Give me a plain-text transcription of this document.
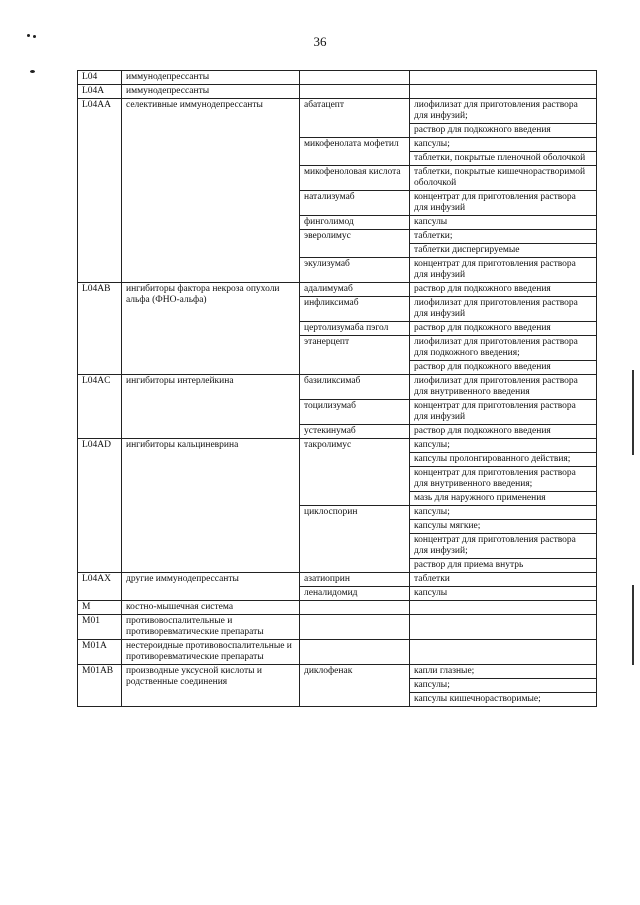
36
L04	иммунодепрессанты		

L04A	иммунодепрессанты		

L04AA	селективные иммунодепрессанты	абатацепт	лиофилизат для приготовления раствора для инфузий;
раствор для подкожного введения

		микофенолата мофетил	капсулы;
таблетки, покрытые пленочной оболочкой

		микофеноловая кислота	таблетки, покрытые кишечнорастворимой оболочкой

		натализумаб	концентрат для приготовления раствора для инфузий

		финголимод	капсулы

		эверолимус	таблетки;
таблетки диспергируемые

		экулизумаб	концентрат для приготовления раствора для инфузий

L04AB	ингибиторы фактора некроза опухоли альфа (ФНО-альфа)	адалимумаб	раствор для подкожного введения

		инфликсимаб	лиофилизат для приготовления раствора для инфузий

		цертолизумаба пэгол	раствор для подкожного введения

		этанерцепт	лиофилизат для приготовления раствора для подкожного введения;
раствор для подкожного введения

L04AC	ингибиторы интерлейкина	базиликсимаб	лиофилизат для приготовления раствора для внутривенного введения

		тоцилизумаб	концентрат для приготовления раствора для инфузий

		устекинумаб	раствор для подкожного введения

L04AD	ингибиторы кальциневрина	такролимус	капсулы;
капсулы пролонгированного действия;
концентрат для приготовления раствора для внутривенного введения;
мазь для наружного применения

		циклоспорин	капсулы;
капсулы мягкие;
концентрат для приготовления раствора для инфузий;
раствор для приема внутрь

L04AX	другие иммунодепрессанты	азатиоприн	таблетки

		леналидомид	капсулы

M	костно-мышечная система		

M01	противовоспалительные и противоревматические препараты		

M01A	нестероидные противовоспалительные и противоревматические препараты		

M01AB	производные уксусной кислоты и родственные соединения	диклофенак	капли глазные;
капсулы;
капсулы кишечнорастворимые;
